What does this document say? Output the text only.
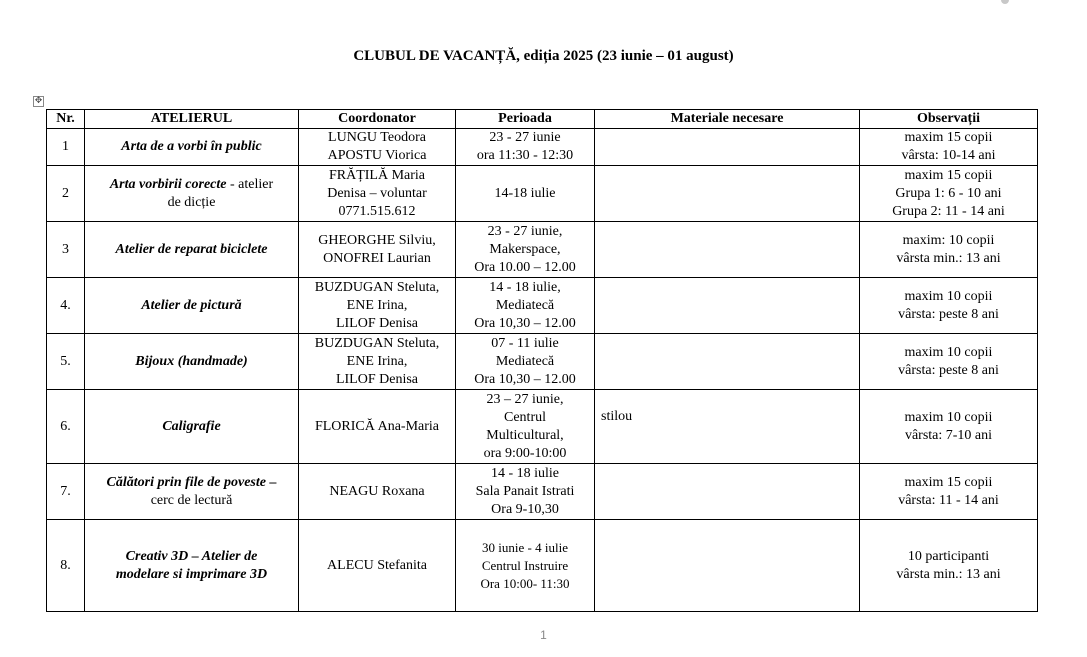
CLUBUL DE VACANȚĂ, ediția 2025 (23 iunie – 01 august)
✥
Nr.	ATELIERUL	Coordonator	Perioada	Materiale necesare	Observații
1	Arta de a vorbi în public	LUNGU Teodora
APOSTU Viorica	23 - 27 iunie
ora 11:30 - 12:30		maxim 15 copii
vârsta: 10-14 ani

2	Arta vorbirii corecte - atelier
de dicție	FRĂȚILĂ Maria
Denisa – voluntar
0771.515.612	14-18 iulie		maxim 15 copii
Grupa 1: 6 - 10 ani
Grupa 2: 11 - 14 ani

3	Atelier de reparat biciclete	GHEORGHE Silviu,
ONOFREI Laurian	23 - 27 iunie,
Makerspace,
Ora 10.00 – 12.00		maxim: 10 copii
vârsta min.: 13 ani

4.	Atelier de pictură	BUZDUGAN Steluta,
ENE Irina,
LILOF Denisa	14 - 18 iulie,
Mediatecă
Ora 10,30 – 12.00		maxim 10 copii
vârsta: peste 8 ani

5.	Bijoux (handmade)	BUZDUGAN Steluta,
ENE Irina,
LILOF Denisa	07 - 11 iulie
Mediatecă
Ora 10,30 – 12.00		maxim 10 copii
vârsta: peste 8 ani

6.	Caligrafie	FLORICĂ Ana-Maria	23 – 27 iunie,
Centrul
Multicultural,
ora 9:00-10:00	stilou	maxim 10 copii
vârsta: 7-10 ani

7.	Călători prin file de poveste –
cerc de lectură	NEAGU Roxana	14 - 18 iulie
Sala Panait Istrati
Ora 9-10,30		maxim 15 copii
vârsta: 11 - 14 ani

8.	Creativ 3D – Atelier de
modelare si imprimare 3D	ALECU Stefanita	30 iunie - 4 iulie
Centrul Instruire
Ora 10:00- 11:30		10 participanti
vârsta min.: 13 ani
1
